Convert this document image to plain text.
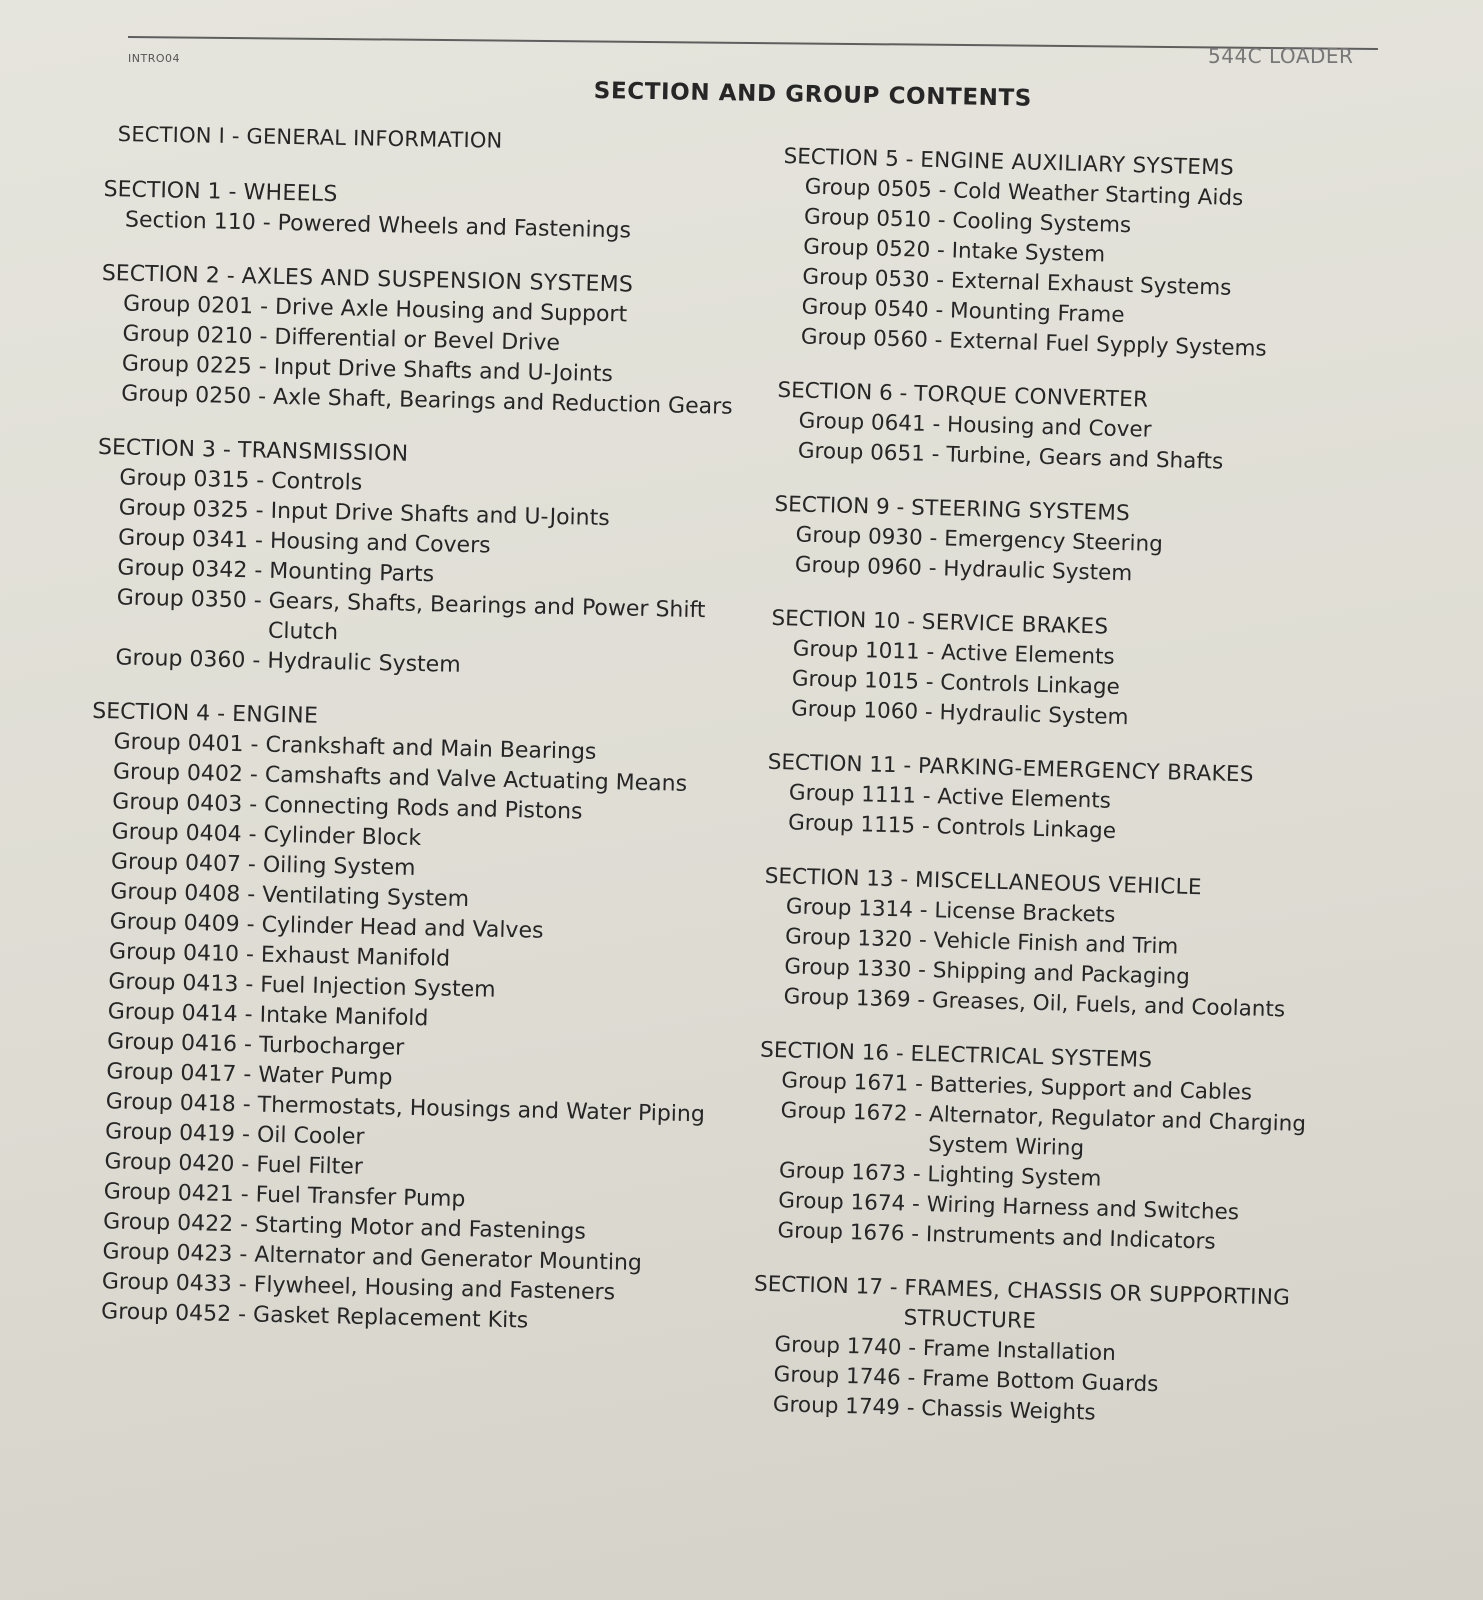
INTRO04	544C LOADER
SECTION AND GROUP CONTENTS
SECTION I - GENERAL INFORMATION
SECTION 1 - WHEELS
Section 110 - Powered Wheels and Fastenings
SECTION 2 - AXLES AND SUSPENSION SYSTEMS
Group 0201 - Drive Axle Housing and Support
Group 0210 - Differential or Bevel Drive
Group 0225 - Input Drive Shafts and U-Joints
Group 0250 - Axle Shaft, Bearings and Reduction Gears
SECTION 3 - TRANSMISSION
Group 0315 - Controls
Group 0325 - Input Drive Shafts and U-Joints
Group 0341 - Housing and Covers
Group 0342 - Mounting Parts
Group 0350 - Gears, Shafts, Bearings and Power Shift Clutch
Group 0360 - Hydraulic System
SECTION 4 - ENGINE
Group 0401 - Crankshaft and Main Bearings
Group 0402 - Camshafts and Valve Actuating Means
Group 0403 - Connecting Rods and Pistons
Group 0404 - Cylinder Block
Group 0407 - Oiling System
Group 0408 - Ventilating System
Group 0409 - Cylinder Head and Valves
Group 0410 - Exhaust Manifold
Group 0413 - Fuel Injection System
Group 0414 - Intake Manifold
Group 0416 - Turbocharger
Group 0417 - Water Pump
Group 0418 - Thermostats, Housings and Water Piping
Group 0419 - Oil Cooler
Group 0420 - Fuel Filter
Group 0421 - Fuel Transfer Pump
Group 0422 - Starting Motor and Fastenings
Group 0423 - Alternator and Generator Mounting
Group 0433 - Flywheel, Housing and Fasteners
Group 0452 - Gasket Replacement Kits
SECTION 5 - ENGINE AUXILIARY SYSTEMS
Group 0505 - Cold Weather Starting Aids
Group 0510 - Cooling Systems
Group 0520 - Intake System
Group 0530 - External Exhaust Systems
Group 0540 - Mounting Frame
Group 0560 - External Fuel Sypply Systems
SECTION 6 - TORQUE CONVERTER
Group 0641 - Housing and Cover
Group 0651 - Turbine, Gears and Shafts
SECTION 9 - STEERING SYSTEMS
Group 0930 - Emergency Steering
Group 0960 - Hydraulic System
SECTION 10 - SERVICE BRAKES
Group 1011 - Active Elements
Group 1015 - Controls Linkage
Group 1060 - Hydraulic System
SECTION 11 - PARKING-EMERGENCY BRAKES
Group 1111 - Active Elements
Group 1115 - Controls Linkage
SECTION 13 - MISCELLANEOUS VEHICLE
Group 1314 - License Brackets
Group 1320 - Vehicle Finish and Trim
Group 1330 - Shipping and Packaging
Group 1369 - Greases, Oil, Fuels, and Coolants
SECTION 16 - ELECTRICAL SYSTEMS
Group 1671 - Batteries, Support and Cables
Group 1672 - Alternator, Regulator and Charging System Wiring
Group 1673 - Lighting System
Group 1674 - Wiring Harness and Switches
Group 1676 - Instruments and Indicators
SECTION 17 - FRAMES, CHASSIS OR SUPPORTING STRUCTURE
Group 1740 - Frame Installation
Group 1746 - Frame Bottom Guards
Group 1749 - Chassis Weights
